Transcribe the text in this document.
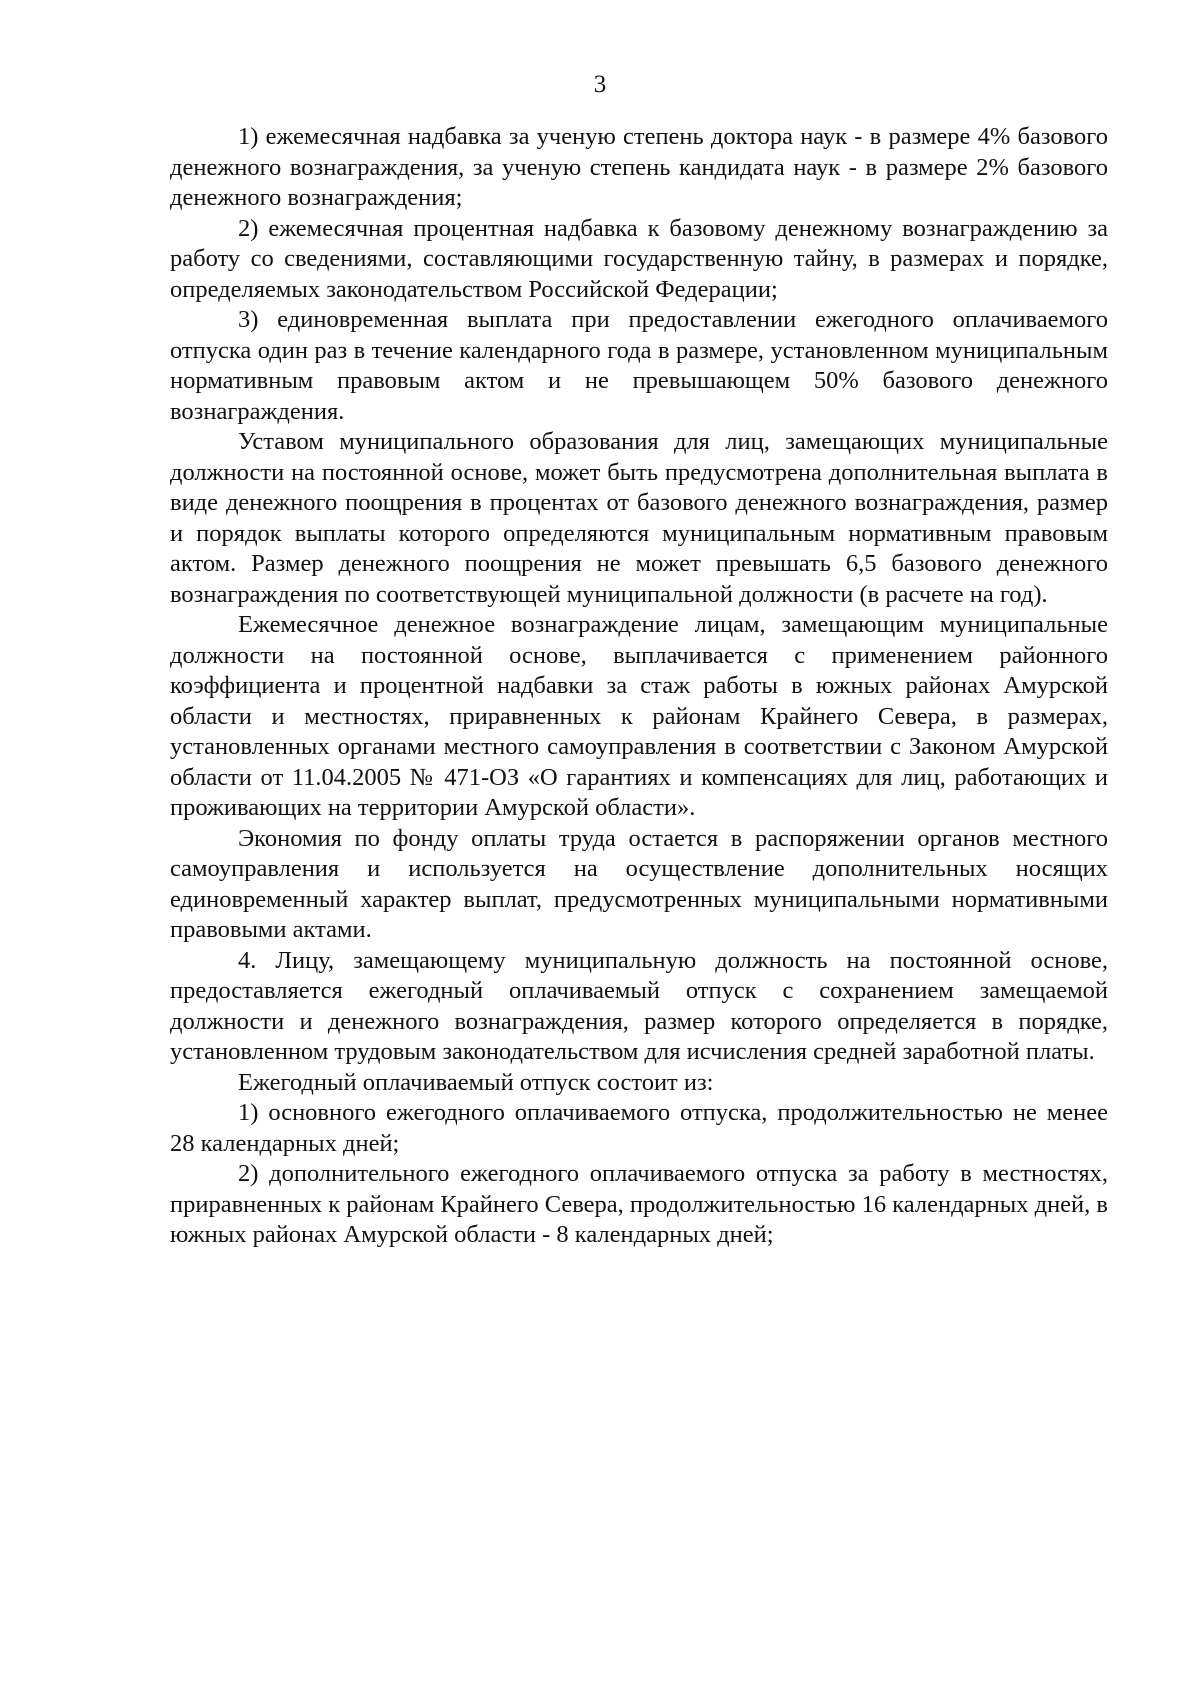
3

1) ежемесячная надбавка за ученую степень доктора наук - в размере 4% базового денежного вознаграждения, за ученую степень кандидата наук - в размере 2% базового денежного вознаграждения;

2) ежемесячная процентная надбавка к базовому денежному вознаграждению за работу со сведениями, составляющими государственную тайну, в размерах и порядке, определяемых законодательством Российской Федерации;

3) единовременная выплата при предоставлении ежегодного оплачиваемого отпуска один раз в течение календарного года в размере, установленном муниципальным нормативным правовым актом и не превышающем 50% базового денежного вознаграждения.

Уставом муниципального образования для лиц, замещающих муниципальные должности на постоянной основе, может быть предусмотрена дополнительная выплата в виде денежного поощрения в процентах от базового денежного вознаграждения, размер и порядок выплаты которого определяются муниципальным нормативным правовым актом. Размер денежного поощрения не может превышать 6,5 базового денежного вознаграждения по соответствующей муниципальной должности (в расчете на год).

Ежемесячное денежное вознаграждение лицам, замещающим муниципальные должности на постоянной основе, выплачивается с применением районного коэффициента и процентной надбавки за стаж работы в южных районах Амурской области и местностях, приравненных к районам Крайнего Севера, в размерах, установленных органами местного самоуправления в соответствии с Законом Амурской области от 11.04.2005 № 471-ОЗ «О гарантиях и компенсациях для лиц, работающих и проживающих на территории Амурской области».

Экономия по фонду оплаты труда остается в распоряжении органов местного самоуправления и используется на осуществление дополнительных носящих единовременный характер выплат, предусмотренных муниципальными нормативными правовыми актами.

4. Лицу, замещающему муниципальную должность на постоянной основе, предоставляется ежегодный оплачиваемый отпуск с сохранением замещаемой должности и денежного вознаграждения, размер которого определяется в порядке, установленном трудовым законодательством для исчисления средней заработной платы.

Ежегодный оплачиваемый отпуск состоит из:

1) основного ежегодного оплачиваемого отпуска, продолжительностью не менее 28 календарных дней;

2) дополнительного ежегодного оплачиваемого отпуска за работу в местностях, приравненных к районам Крайнего Севера, продолжительностью 16 календарных дней, в южных районах Амурской области - 8 календарных дней;
